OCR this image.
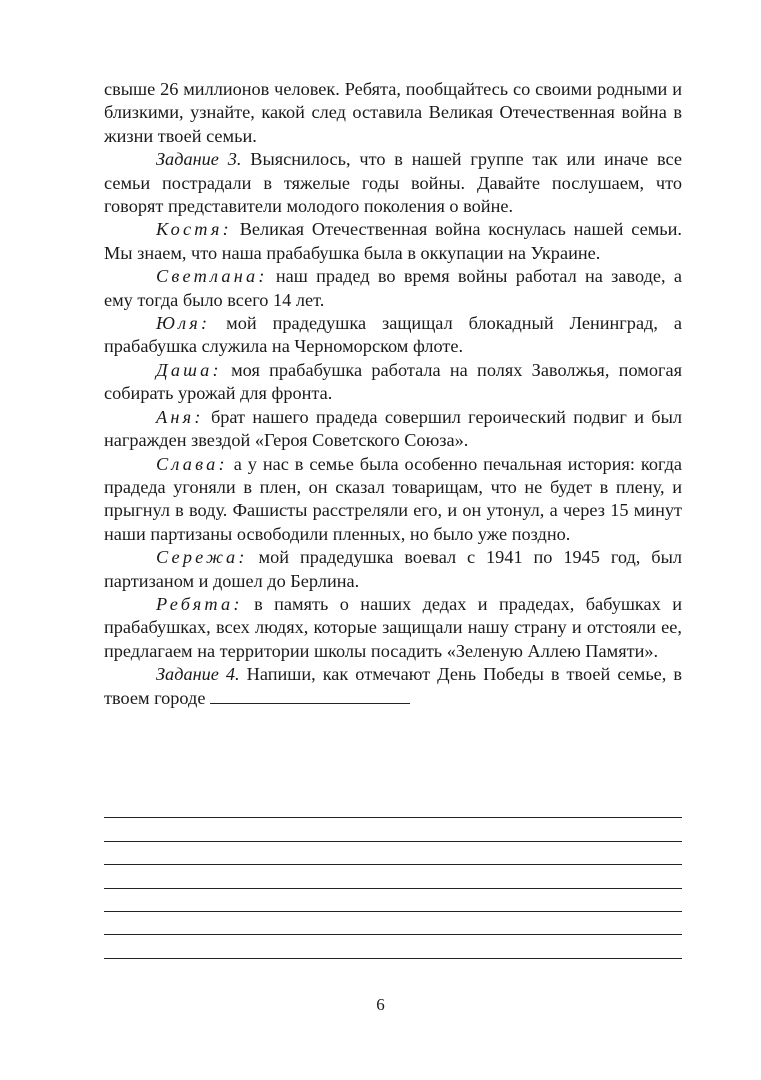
свыше 26 миллионов человек. Ребята, пообщайтесь со своими родными и близкими, узнайте, какой след оставила Великая Отечественная война в жизни твоей семьи.

Задание 3. Выяснилось, что в нашей группе так или иначе все семьи пострадали в тяжелые годы войны. Давайте послушаем, что говорят представители молодого поколения о войне.

Костя: Великая Отечественная война коснулась нашей семьи. Мы знаем, что наша прабабушка была в оккупации на Украине.

Светлана: наш прадед во время войны работал на заводе, а ему тогда было всего 14 лет.

Юля: мой прадедушка защищал блокадный Ленинград, а прабабушка служила на Черноморском флоте.

Даша: моя прабабушка работала на полях Заволжья, помогая собирать урожай для фронта.

Аня: брат нашего прадеда совершил героический подвиг и был награжден звездой «Героя Советского Союза».

Слава: а у нас в семье была особенно печальная история: когда прадеда угоняли в плен, он сказал товарищам, что не будет в плену, и прыгнул в воду. Фашисты расстреляли его, и он утонул, а через 15 минут наши партизаны освободили пленных, но было уже поздно.

Сережа: мой прадедушка воевал с 1941 по 1945 год, был партизаном и дошел до Берлина.

Ребята: в память о наших дедах и прадедах, бабушках и прабабушках, всех людях, которые защищали нашу страну и отстояли ее, предлагаем на территории школы посадить «Зеленую Аллею Памяти».

Задание 4. Напиши, как отмечают День Победы в твоей семье, в твоем городе

6
